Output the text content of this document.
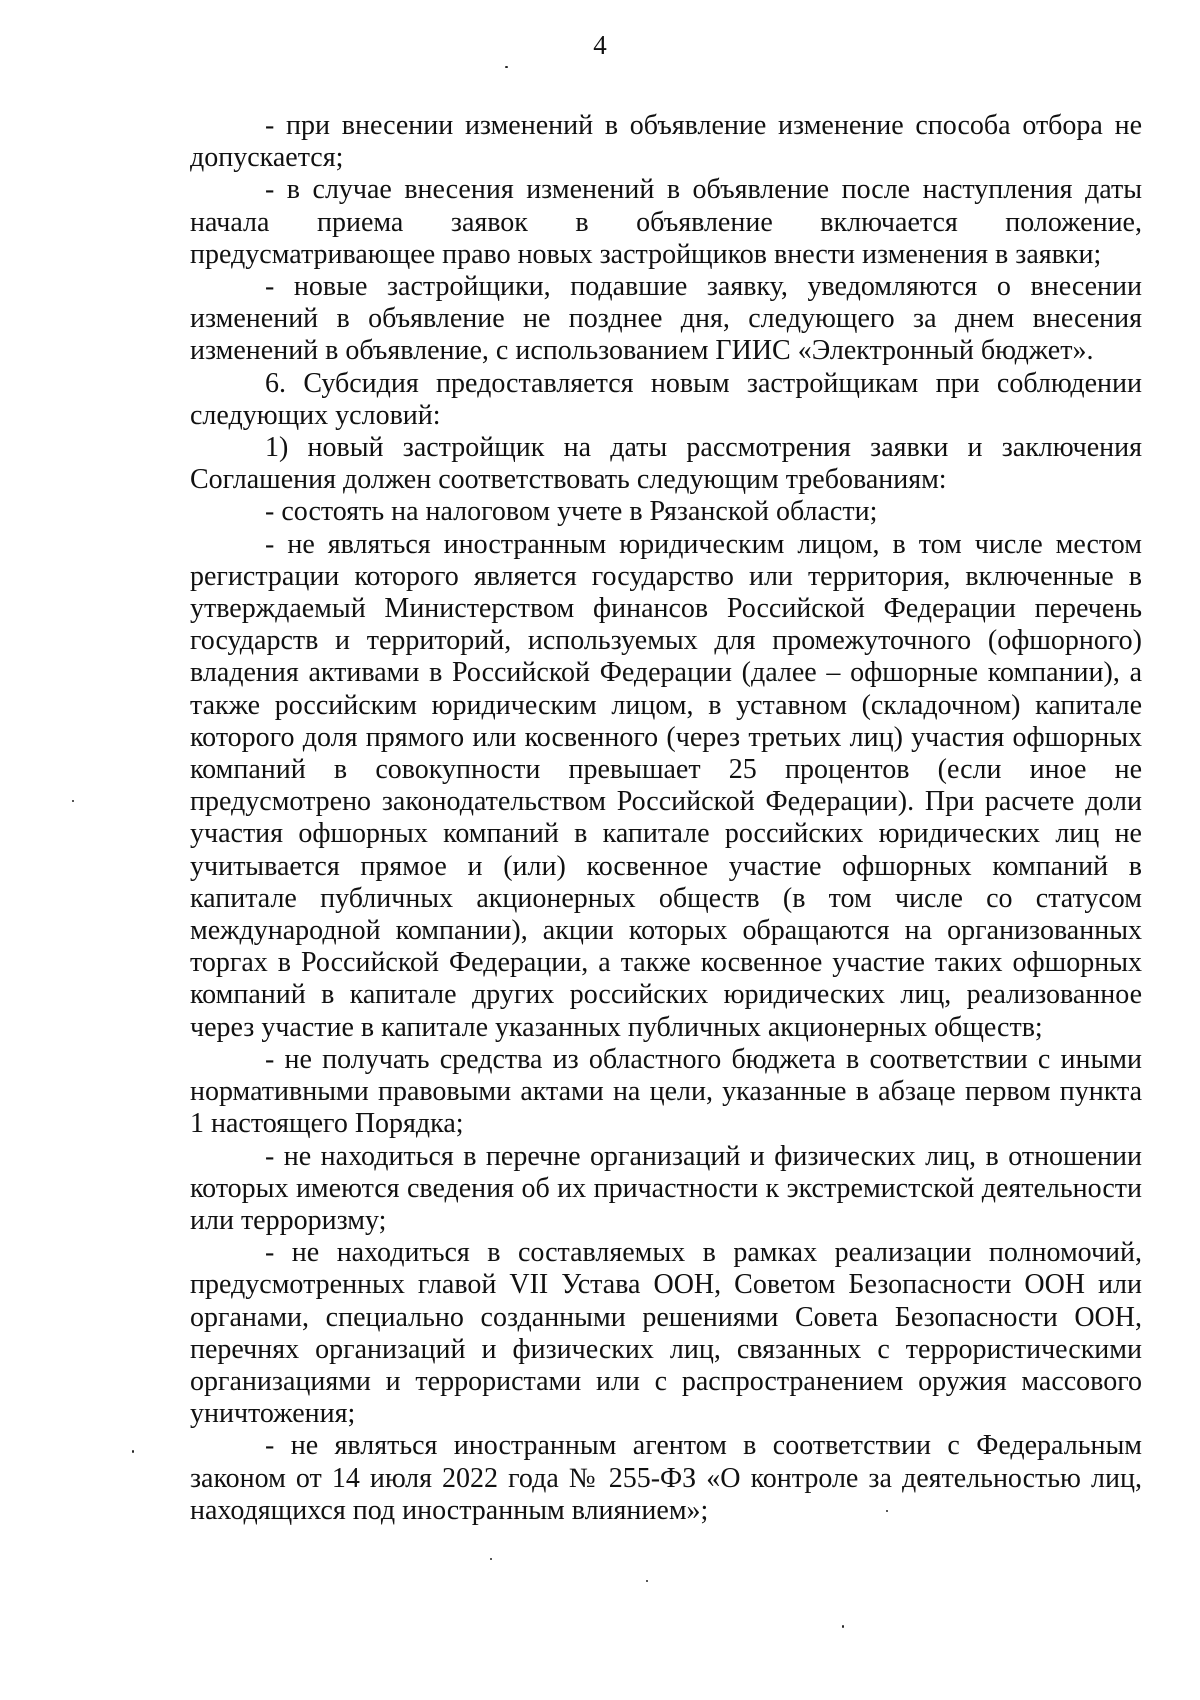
4

- при внесении изменений в объявление изменение способа отбора не допускается;

- в случае внесения изменений в объявление после наступления даты начала приема заявок в объявление включается положение, предусматривающее право новых застройщиков внести изменения в заявки;

- новые застройщики, подавшие заявку, уведомляются о внесении изменений в объявление не позднее дня, следующего за днем внесения изменений в объявление, с использованием ГИИС «Электронный бюджет».

6. Субсидия предоставляется новым застройщикам при соблюдении следующих условий:

1) новый застройщик на даты рассмотрения заявки и заключения Соглашения должен соответствовать следующим требованиям:

- состоять на налоговом учете в Рязанской области;

- не являться иностранным юридическим лицом, в том числе местом регистрации которого является государство или территория, включенные в утверждаемый Министерством финансов Российской Федерации перечень государств и территорий, используемых для промежуточного (офшорного) владения активами в Российской Федерации (далее – офшорные компании), а также российским юридическим лицом, в уставном (складочном) капитале которого доля прямого или косвенного (через третьих лиц) участия офшорных компаний в совокупности превышает 25 процентов (если иное не предусмотрено законодательством Российской Федерации). При расчете доли участия офшорных компаний в капитале российских юридических лиц не учитывается прямое и (или) косвенное участие офшорных компаний в капитале публичных акционерных обществ (в том числе со статусом международной компании), акции которых обращаются на организованных торгах в Российской Федерации, а также косвенное участие таких офшорных компаний в капитале других российских юридических лиц, реализованное через участие в капитале указанных публичных акционерных обществ;

- не получать средства из областного бюджета в соответствии с иными нормативными правовыми актами на цели, указанные в абзаце первом пункта 1 настоящего Порядка;

- не находиться в перечне организаций и физических лиц, в отношении которых имеются сведения об их причастности к экстремистской деятельности или терроризму;

- не находиться в составляемых в рамках реализации полномочий, предусмотренных главой VII Устава ООН, Советом Безопасности ООН или органами, специально созданными решениями Совета Безопасности ООН, перечнях организаций и физических лиц, связанных с террористическими организациями и террористами или с распространением оружия массового уничтожения;

- не являться иностранным агентом в соответствии с Федеральным законом от 14 июля 2022 года № 255-ФЗ «О контроле за деятельностью лиц, находящихся под иностранным влиянием»;
